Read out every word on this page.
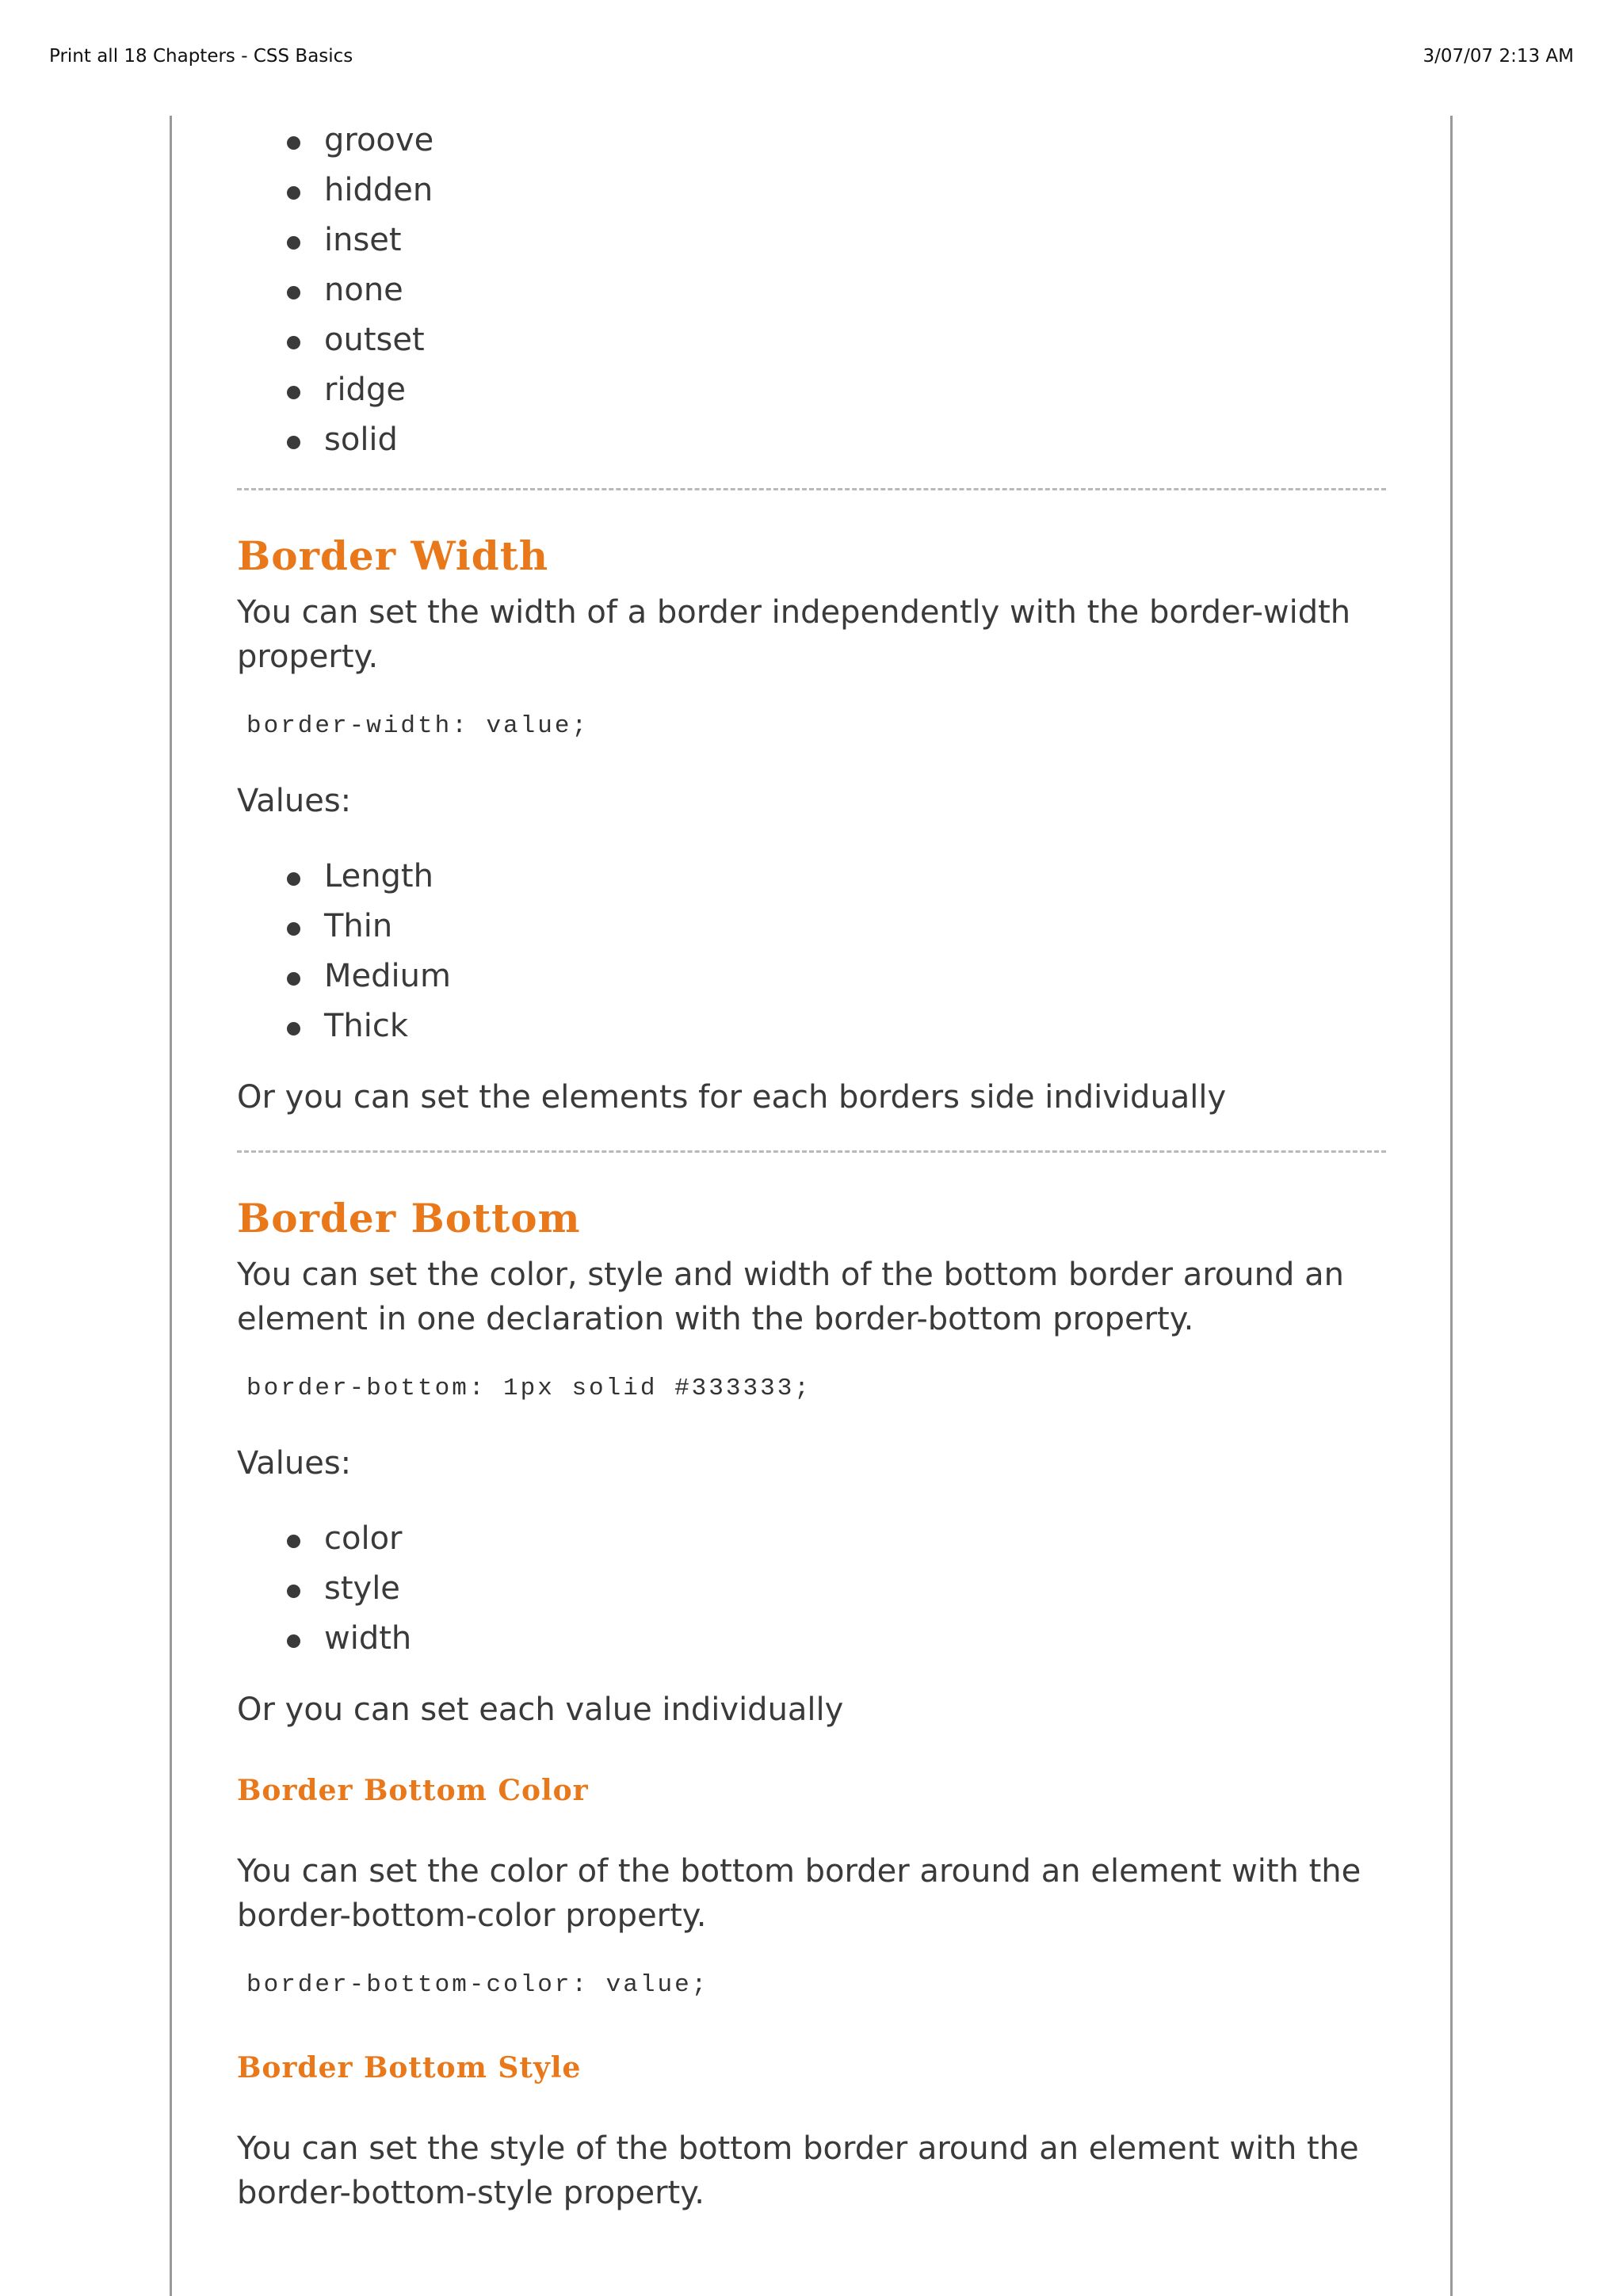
Print all 18 Chapters - CSS Basics	3/07/07 2:13 AM
groove
hidden
inset
none
outset
ridge
solid
Border Width

You can set the width of a border independently with the border-width
property.

border-width: value;

Values:

Length
Thin
Medium
Thick

Or you can set the elements for each borders side individually

Border Bottom

You can set the color, style and width of the bottom border around an
element in one declaration with the border-bottom property.

border-bottom: 1px solid #333333;

Values:

color
style
width

Or you can set each value individually

Border Bottom Color

You can set the color of the bottom border around an element with the
border-bottom-color property.

border-bottom-color: value;
Border Bottom Style

You can set the style of the bottom border around an element with the
border-bottom-style property.
